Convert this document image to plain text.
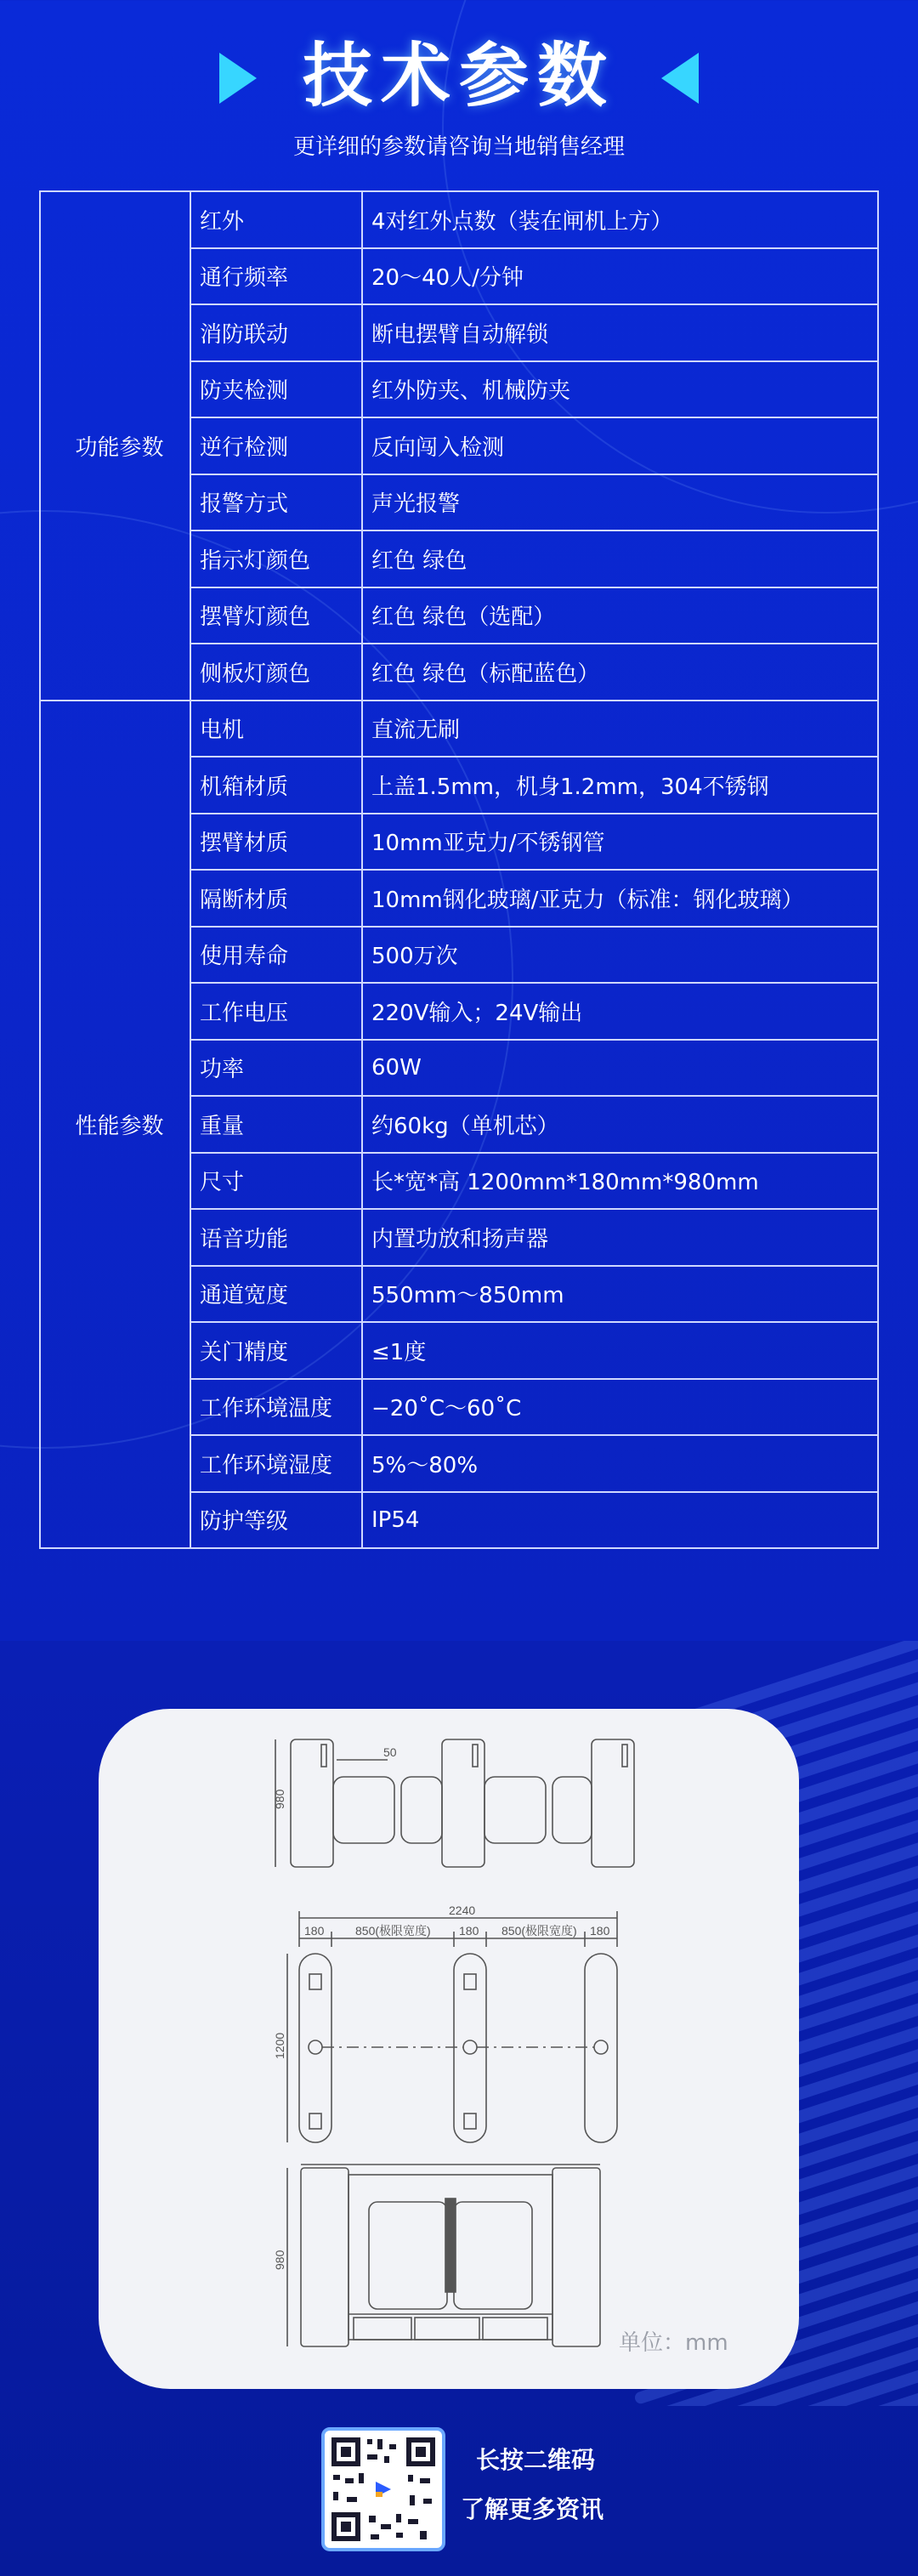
技术参数
更详细的参数请咨询当地销售经理
功能参数	红外	4对红外点数（装在闸机上方）
	通行频率	20～40人/分钟
	消防联动	断电摆臂自动解锁
	防夹检测	红外防夹、机械防夹
	逆行检测	反向闯入检测
	报警方式	声光报警
	指示灯颜色	红色 绿色
	摆臂灯颜色	红色 绿色（选配）
	侧板灯颜色	红色 绿色（标配蓝色）
性能参数	电机	直流无刷
	机箱材质	上盖1.5mm，机身1.2mm，304不锈钢
	摆臂材质	10mm亚克力/不锈钢管
	隔断材质	10mm钢化玻璃/亚克力（标准：钢化玻璃）
	使用寿命	500万次
	工作电压	220V输入；24V输出
	功率	60W
	重量	约60kg（单机芯）
	尺寸	长*宽*高 1200mm*180mm*980mm
	语音功能	内置功放和扬声器
	通道宽度	550mm～850mm
	关门精度	≤1度
	工作环境温度	−20˚C～60˚C
	工作环境湿度	5%～80%
	防护等级	IP54
980
50
2240
180	850(极限宽度) 180 850(极限宽度) 180
1200
980
单位：mm
长按二维码
了解更多资讯
